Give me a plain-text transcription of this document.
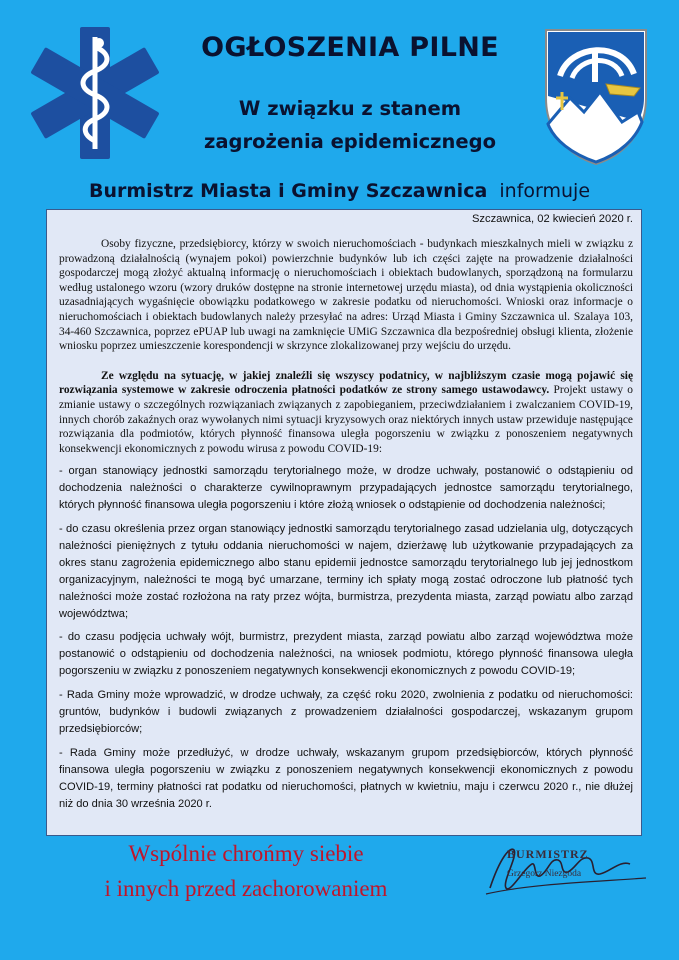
OGŁOSZENIA PILNE
W związku z stanem
zagrożenia epidemicznego
Burmistrz Miasta i Gminy Szczawnica informuje
Szczawnica, 02 kwiecień 2020 r.

Osoby fizyczne, przedsiębiorcy, którzy w swoich nieruchomościach - budynkach mieszkalnych mieli w związku z prowadzoną działalnością (wynajem pokoi) powierzchnie budynków lub ich części zajęte na prowadzenie działalności gospodarczej mogą złożyć aktualną informację o nieruchomościach i obiektach budowlanych, sporządzoną na formularzu według ustalonego wzoru (wzory druków dostępne na stronie internetowej urzędu miasta), od dnia wystąpienia okoliczności uzasadniających wygaśnięcie obowiązku podatkowego w zakresie podatku od nieruchomości. Wnioski oraz informacje o nieruchomościach i obiektach budowlanych należy przesyłać na adres: Urząd Miasta i Gminy Szczawnica ul. Szalaya 103, 34-460 Szczawnica, poprzez ePUAP lub uwagi na zamknięcie UMiG Szczawnica dla bezpośredniej obsługi klienta, złożenie wniosku poprzez umieszczenie korespondencji w skrzynce zlokalizowanej przy wejściu do urzędu.

Ze względu na sytuację, w jakiej znaleźli się wszyscy podatnicy, w najbliższym czasie mogą pojawić się rozwiązania systemowe w zakresie odroczenia płatności podatków ze strony samego ustawodawcy. Projekt ustawy o zmianie ustawy o szczególnych rozwiązaniach związanych z zapobieganiem, przeciwdziałaniem i zwalczaniem COVID-19, innych chorób zakaźnych oraz wywołanych nimi sytuacji kryzysowych oraz niektórych innych ustaw przewiduje następujące rozwiązania dla podmiotów, których płynność finansowa uległa pogorszeniu w związku z ponoszeniem negatywnych konsekwencji ekonomicznych z powodu wirusa z powodu COVID-19:

- organ stanowiący jednostki samorządu terytorialnego może, w drodze uchwały, postanowić o odstąpieniu od dochodzenia należności o charakterze cywilnoprawnym przypadających jednostce samorządu terytorialnego, których płynność finansowa uległa pogorszeniu i które złożą wniosek o odstąpienie od dochodzenia należności;

- do czasu określenia przez organ stanowiący jednostki samorządu terytorialnego zasad udzielania ulg, dotyczących należności pieniężnych z tytułu oddania nieruchomości w najem, dzierżawę lub użytkowanie przypadających za okres stanu zagrożenia epidemicznego albo stanu epidemii jednostce samorządu terytorialnego lub jej jednostkom organizacyjnym, należności te mogą być umarzane, terminy ich spłaty mogą zostać odroczone lub płatność tych należności może zostać rozłożona na raty przez wójta, burmistrza, prezydenta miasta, zarząd powiatu albo zarząd województwa;

- do czasu podjęcia uchwały wójt, burmistrz, prezydent miasta, zarząd powiatu albo zarząd województwa może postanowić o odstąpieniu od dochodzenia należności, na wniosek podmiotu, którego płynność finansowa uległa pogorszeniu w związku z ponoszeniem negatywnych konsekwencji ekonomicznych z powodu COVID-19;

- Rada Gminy może wprowadzić, w drodze uchwały, za część roku 2020, zwolnienia z podatku od nieruchomości: gruntów, budynków i budowli związanych z prowadzeniem działalności gospodarczej, wskazanym grupom przedsiębiorców;

- Rada Gminy może przedłużyć, w drodze uchwały, wskazanym grupom przedsiębiorców, których płynność finansowa uległa pogorszeniu w związku z ponoszeniem negatywnych konsekwencji ekonomicznych z powodu COVID-19, terminy płatności rat podatku od nieruchomości, płatnych w kwietniu, maju i czerwcu 2020 r., nie dłużej niż do dnia 30 września 2020 r.

Wspólnie chrońmy siebie
i innych przed zachorowaniem
BURMISTRZ
Grzegorz Niezgoda
